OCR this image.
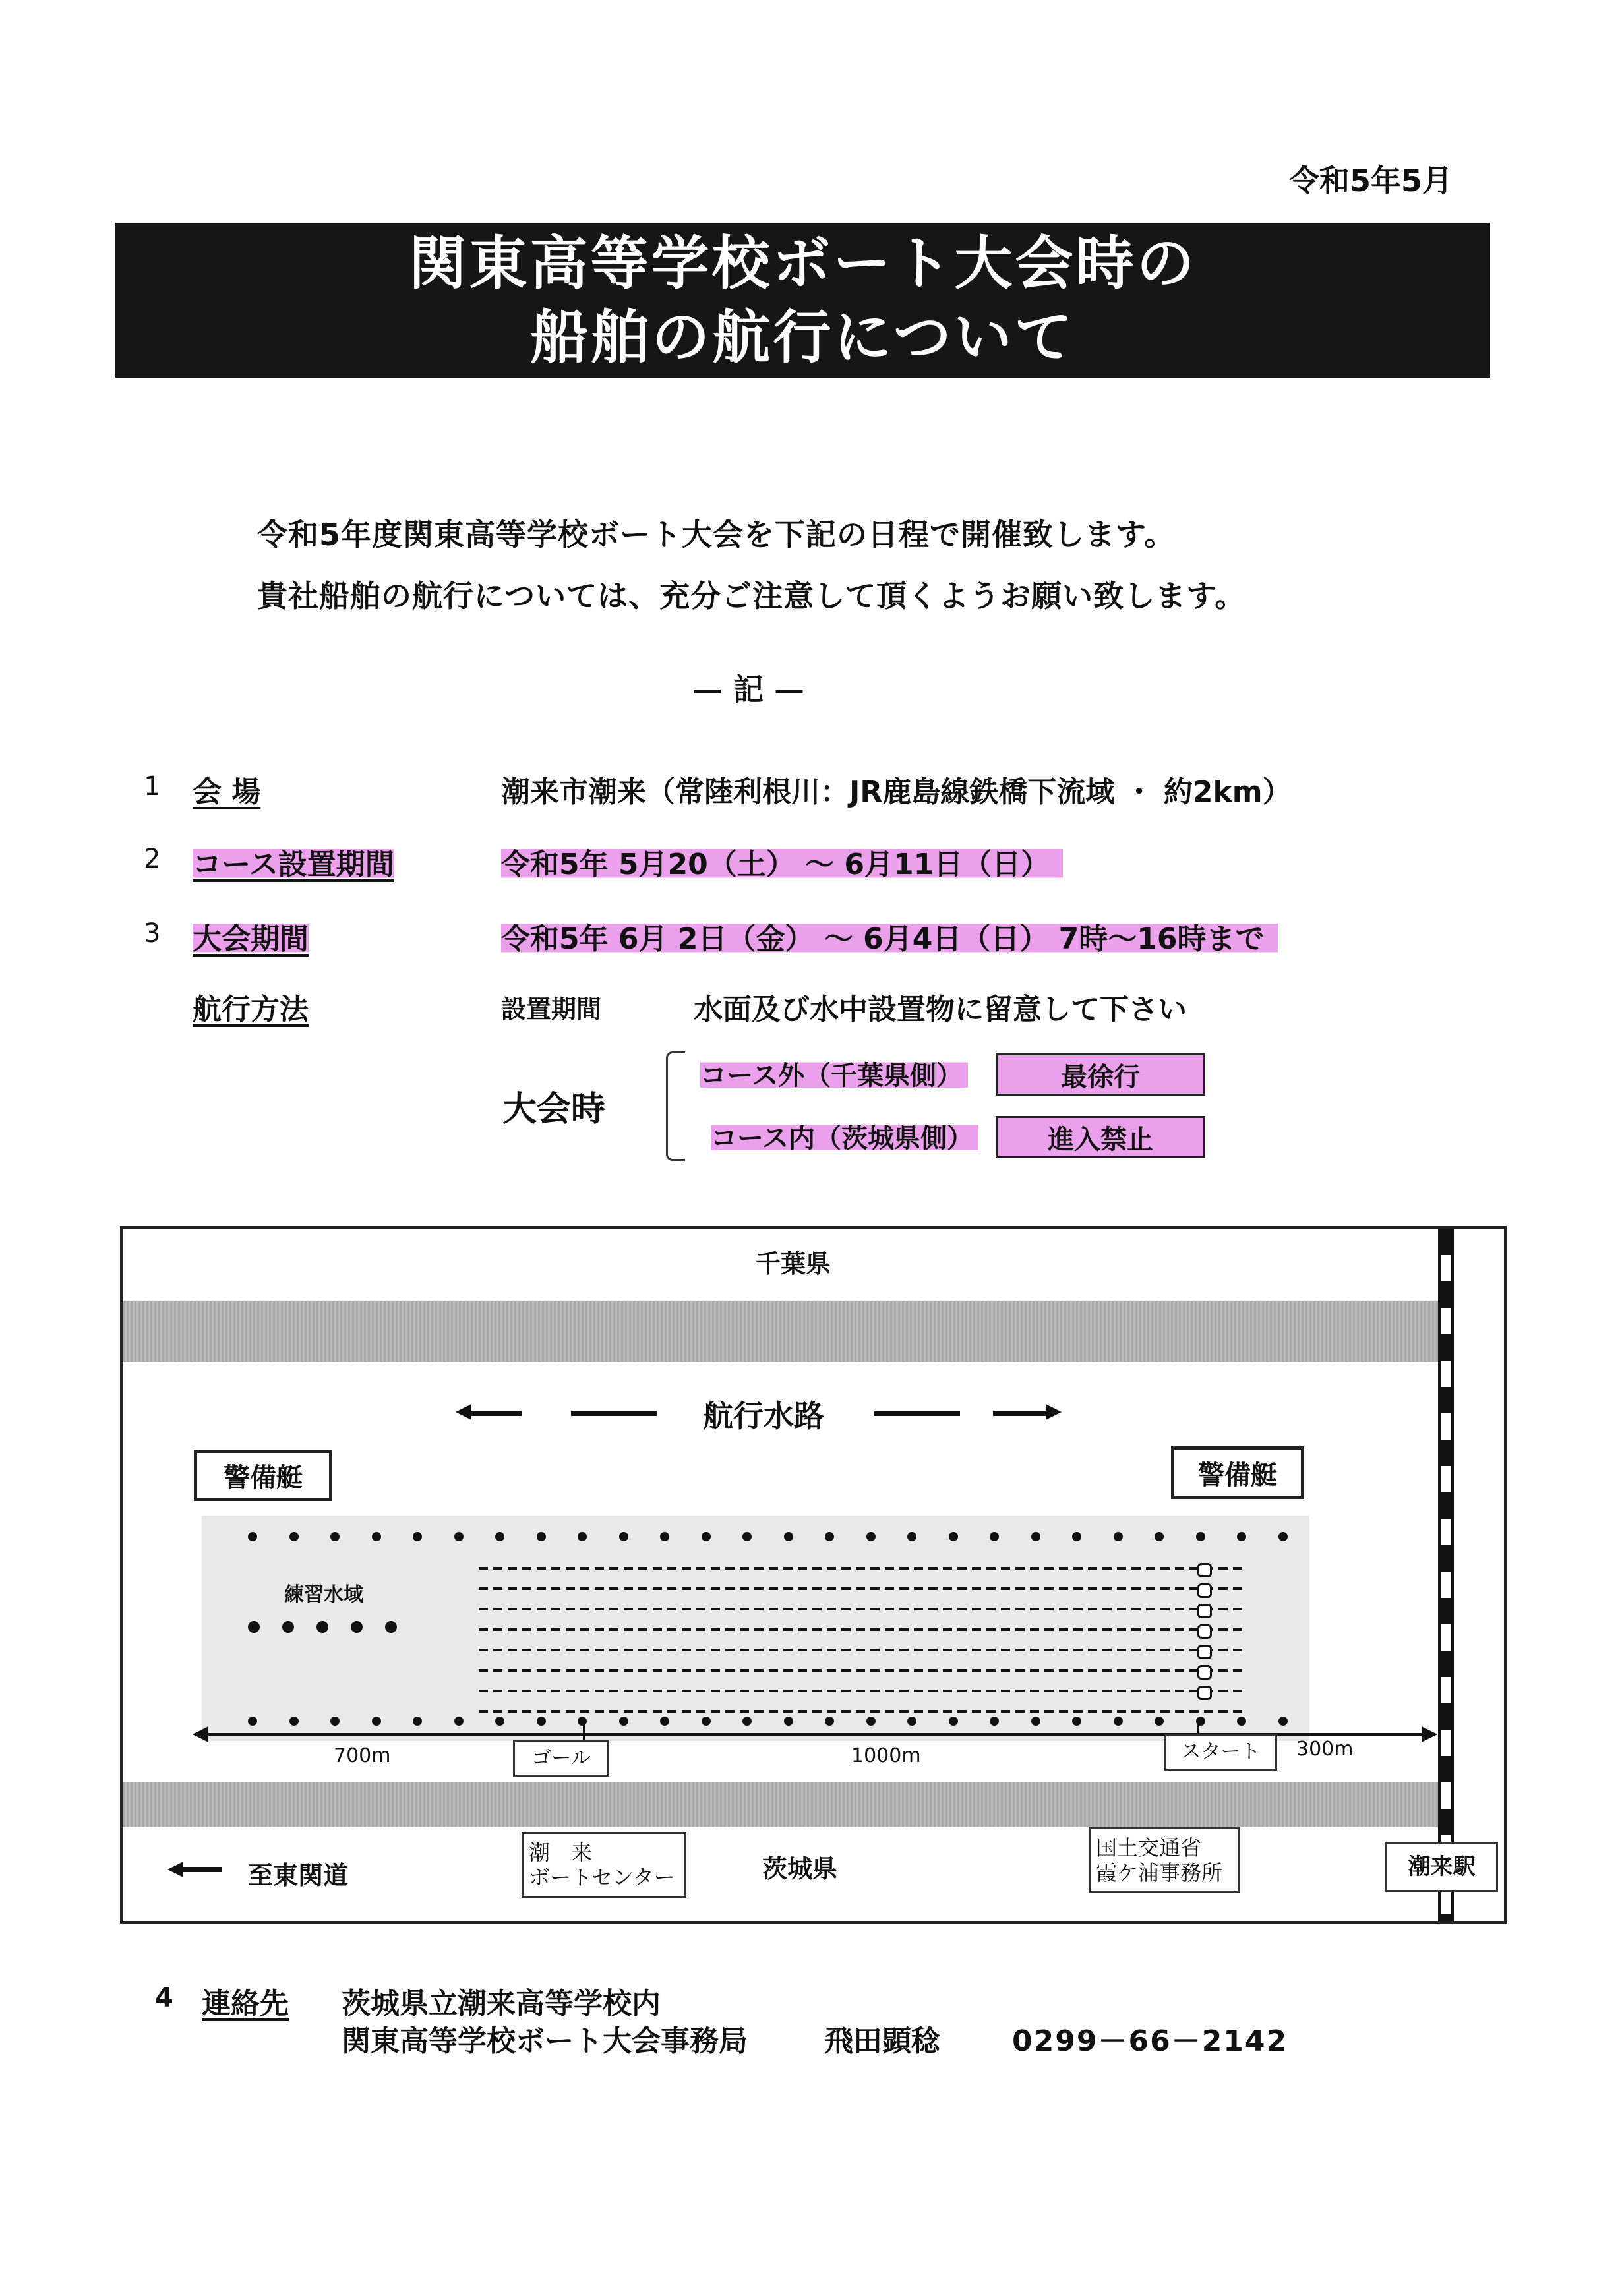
令和5年5月
関東高等学校ボート大会時の
船舶の航行について
令和5年度関東高等学校ボート大会を下記の日程で開催致します。
貴社船舶の航行については、充分ご注意して頂くようお願い致します。
— 記 —
1 会 場	潮来市潮来（常陸利根川：JR鹿島線鉄橋下流域 ・ 約2km）
2 コース設置期間	令和5年 5月20（土） ～ 6月11日（日）
3 大会期間	令和5年 6月 2日（金） ～ 6月4日（日） 7時～16時まで
航行方法	設置期間	水面及び水中設置物に留意して下さい
大会時
コース外（千葉県側）	最徐行
コース内（茨城県側）	進入禁止
千葉県
航行水路
警備艇	警備艇
練習水域
700m	ゴール	1000m	スタート	300m
至東関道
潮　来
ボートセンター	茨城県
国土交通省
霞ケ浦事務所	潮来駅
4 連絡先 茨城県立潮来高等学校内
関東高等学校ボート大会事務局	飛田顕稔 0299－66－2142
